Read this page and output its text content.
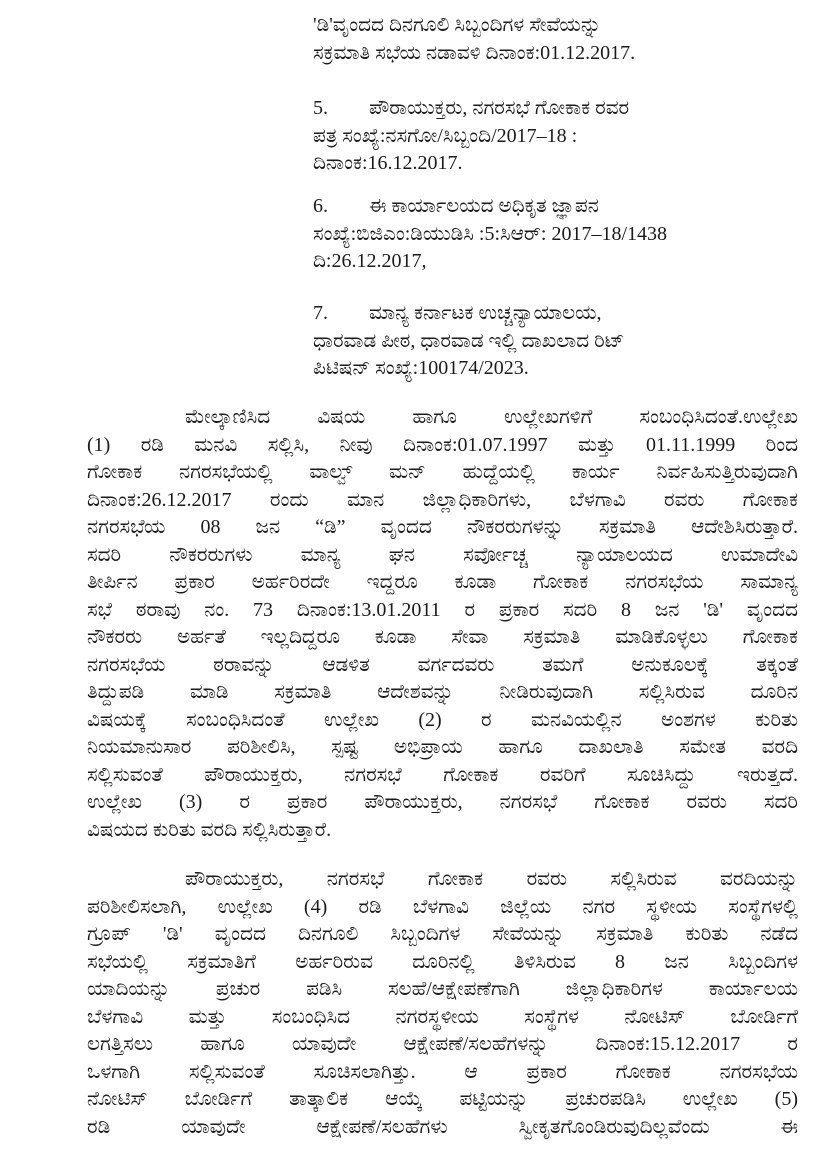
'ಡಿ'ವೃಂದದ ದಿನಗೂಲಿ ಸಿಬ್ಬಂದಿಗಳ ಸೇವೆಯನ್ನು
ಸಕ್ರಮಾತಿ ಸಭೆಯ ನಡಾವಳಿ ದಿನಾಂಕ:01.12.2017.
5.	ಪೌರಾಯುಕ್ತರು, ನಗರಸಭೆ ಗೋಕಾಕ ರವರ
ಪತ್ರ ಸಂಖ್ಯೆ:ನಸಗೋ/ಸಿಬ್ಬಂದಿ/2017–18 :
ದಿನಾಂಕ:16.12.2017.
6.	ಈ ಕಾರ್ಯಾಲಯದ ಅಧಿಕೃತ ಜ್ಞಾಪನ
ಸಂಖ್ಯೆ:ಬಿಜಿಎಂ:ಡಿಯುಡಿಸಿ :5:ಸಿಆರ್: 2017–18/1438
ದಿ:26.12.2017,
7.	ಮಾನ್ಯ ಕರ್ನಾಟಕ ಉಚ್ಚನ್ಯಾಯಾಲಯ,
ಧಾರವಾಡ ಪೀಠ, ಧಾರವಾಡ ಇಲ್ಲಿ ದಾಖಲಾದ ರಿಟ್
ಪಿಟಿಷನ್ ಸಂಖ್ಯೆ:100174/2023.
ಮೇಲ್ಕಾಣಿಸಿದ ವಿಷಯ ಹಾಗೂ ಉಲ್ಲೇಖಗಳಿಗೆ ಸಂಬಂಧಿಸಿದಂತೆ.ಉಲ್ಲೇಖ
(1) ರಡಿ ಮನವಿ ಸಲ್ಲಿಸಿ, ನೀವು ದಿನಾಂಕ:01.07.1997 ಮತ್ತು 01.11.1999 ರಿಂದ
ಗೋಕಾಕ ನಗರಸಭೆಯಲ್ಲಿ ವಾಲ್ವ್ ಮನ್ ಹುದ್ದೆಯಲ್ಲಿ ಕಾರ್ಯ ನಿರ್ವಹಿಸುತ್ತಿರುವುದಾಗಿ
ದಿನಾಂಕ:26.12.2017 ರಂದು ಮಾನ ಜಿಲ್ಲಾಧಿಕಾರಿಗಳು, ಬೆಳಗಾವಿ ರವರು ಗೋಕಾಕ
ನಗರಸಭೆಯ 08 ಜನ “ಡಿ” ವೃಂದದ ನೌಕರರುಗಳನ್ನು ಸಕ್ರಮಾತಿ ಆದೇಶಿಸಿರುತ್ತಾರೆ.
ಸದರಿ ನೌಕರರುಗಳು ಮಾನ್ಯ ಘನ ಸರ್ವೋಚ್ಚ ನ್ಯಾಯಾಲಯದ ಉಮಾದೇವಿ
ತೀರ್ಪಿನ ಪ್ರಕಾರ ಅರ್ಹರಿರದೇ ಇದ್ದರೂ ಕೂಡಾ ಗೋಕಾಕ ನಗರಸಭೆಯ ಸಾಮಾನ್ಯ
ಸಭೆ ಠರಾವು ನಂ. 73 ದಿನಾಂಕ:13.01.2011 ರ ಪ್ರಕಾರ ಸದರಿ 8 ಜನ 'ಡಿ' ವೃಂದದ
ನೌಕರರು ಅರ್ಹತೆ ಇಲ್ಲದಿದ್ದರೂ ಕೂಡಾ ಸೇವಾ ಸಕ್ರಮಾತಿ ಮಾಡಿಕೊಳ್ಳಲು ಗೋಕಾಕ
ನಗರಸಭೆಯ ಠರಾವನ್ನು ಆಡಳಿತ ವರ್ಗದವರು ತಮಗೆ ಅನುಕೂಲಕ್ಕೆ ತಕ್ಕಂತೆ
ತಿದ್ದುಪಡಿ ಮಾಡಿ ಸಕ್ರಮಾತಿ ಆದೇಶವನ್ನು ನೀಡಿರುವುದಾಗಿ ಸಲ್ಲಿಸಿರುವ ದೂರಿನ
ವಿಷಯಕ್ಕೆ ಸಂಬಂಧಿಸಿದಂತೆ ಉಲ್ಲೇಖ (2) ರ ಮನವಿಯಲ್ಲಿನ ಅಂಶಗಳ ಕುರಿತು
ನಿಯಮಾನುಸಾರ ಪರಿಶೀಲಿಸಿ, ಸ್ಪಷ್ಟ ಅಭಿಪ್ರಾಯ ಹಾಗೂ ದಾಖಲಾತಿ ಸಮೇತ ವರದಿ
ಸಲ್ಲಿಸುವಂತೆ ಪೌರಾಯುಕ್ತರು, ನಗರಸಭೆ ಗೋಕಾಕ ರವರಿಗೆ ಸೂಚಿಸಿದ್ದು ಇರುತ್ತದೆ.
ಉಲ್ಲೇಖ (3) ರ ಪ್ರಕಾರ ಪೌರಾಯುಕ್ತರು, ನಗರಸಭೆ ಗೋಕಾಕ ರವರು ಸದರಿ
ವಿಷಯದ ಕುರಿತು ವರದಿ ಸಲ್ಲಿಸಿರುತ್ತಾರೆ.
ಪೌರಾಯುಕ್ತರು, ನಗರಸಭೆ ಗೋಕಾಕ ರವರು ಸಲ್ಲಿಸಿರುವ ವರದಿಯನ್ನು
ಪರಿಶೀಲಿಸಲಾಗಿ, ಉಲ್ಲೇಖ (4) ರಡಿ ಬೆಳಗಾವಿ ಜಿಲ್ಲೆಯ ನಗರ ಸ್ಥಳೀಯ ಸಂಸ್ಥೆಗಳಲ್ಲಿ
ಗ್ರೂಪ್ 'ಡಿ' ವೃಂದದ ದಿನಗೂಲಿ ಸಿಬ್ಬಂದಿಗಳ ಸೇವೆಯನ್ನು ಸಕ್ರಮಾತಿ ಕುರಿತು ನಡೆದ
ಸಭೆಯಲ್ಲಿ ಸಕ್ರಮಾತಿಗೆ ಅರ್ಹರಿರುವ ದೂರಿನಲ್ಲಿ ತಿಳಿಸಿರುವ 8 ಜನ ಸಿಬ್ಬಂದಿಗಳ
ಯಾದಿಯನ್ನು ಪ್ರಚುರ ಪಡಿಸಿ ಸಲಹೆ/ಆಕ್ಷೇಪಣೆಗಾಗಿ ಜಿಲ್ಲಾಧಿಕಾರಿಗಳ ಕಾರ್ಯಾಲಯ
ಬೆಳಗಾವಿ ಮತ್ತು ಸಂಬಂಧಿಸಿದ ನಗರಸ್ಥಳೀಯ ಸಂಸ್ಥೆಗಳ ನೋಟಿಸ್ ಬೋರ್ಡಿಗೆ
ಲಗತ್ತಿಸಲು ಹಾಗೂ ಯಾವುದೇ ಆಕ್ಷೇಪಣೆ/ಸಲಹೆಗಳನ್ನು ದಿನಾಂಕ:15.12.2017 ರ
ಒಳಗಾಗಿ ಸಲ್ಲಿಸುವಂತೆ ಸೂಚಿಸಲಾಗಿತ್ತು. ಆ ಪ್ರಕಾರ ಗೋಕಾಕ ನಗರಸಭೆಯ
ನೋಟಿಸ್ ಬೋರ್ಡಿಗೆ ತಾತ್ಕಾಲಿಕ ಆಯ್ಕೆ ಪಟ್ಟಿಯನ್ನು ಪ್ರಚುರಪಡಿಸಿ ಉಲ್ಲೇಖ (5)
ರಡಿ ಯಾವುದೇ ಆಕ್ಷೇಪಣೆ/ಸಲಹೆಗಳು ಸ್ವೀಕೃತಗೊಂಡಿರುವುದಿಲ್ಲವೆಂದು ಈ
